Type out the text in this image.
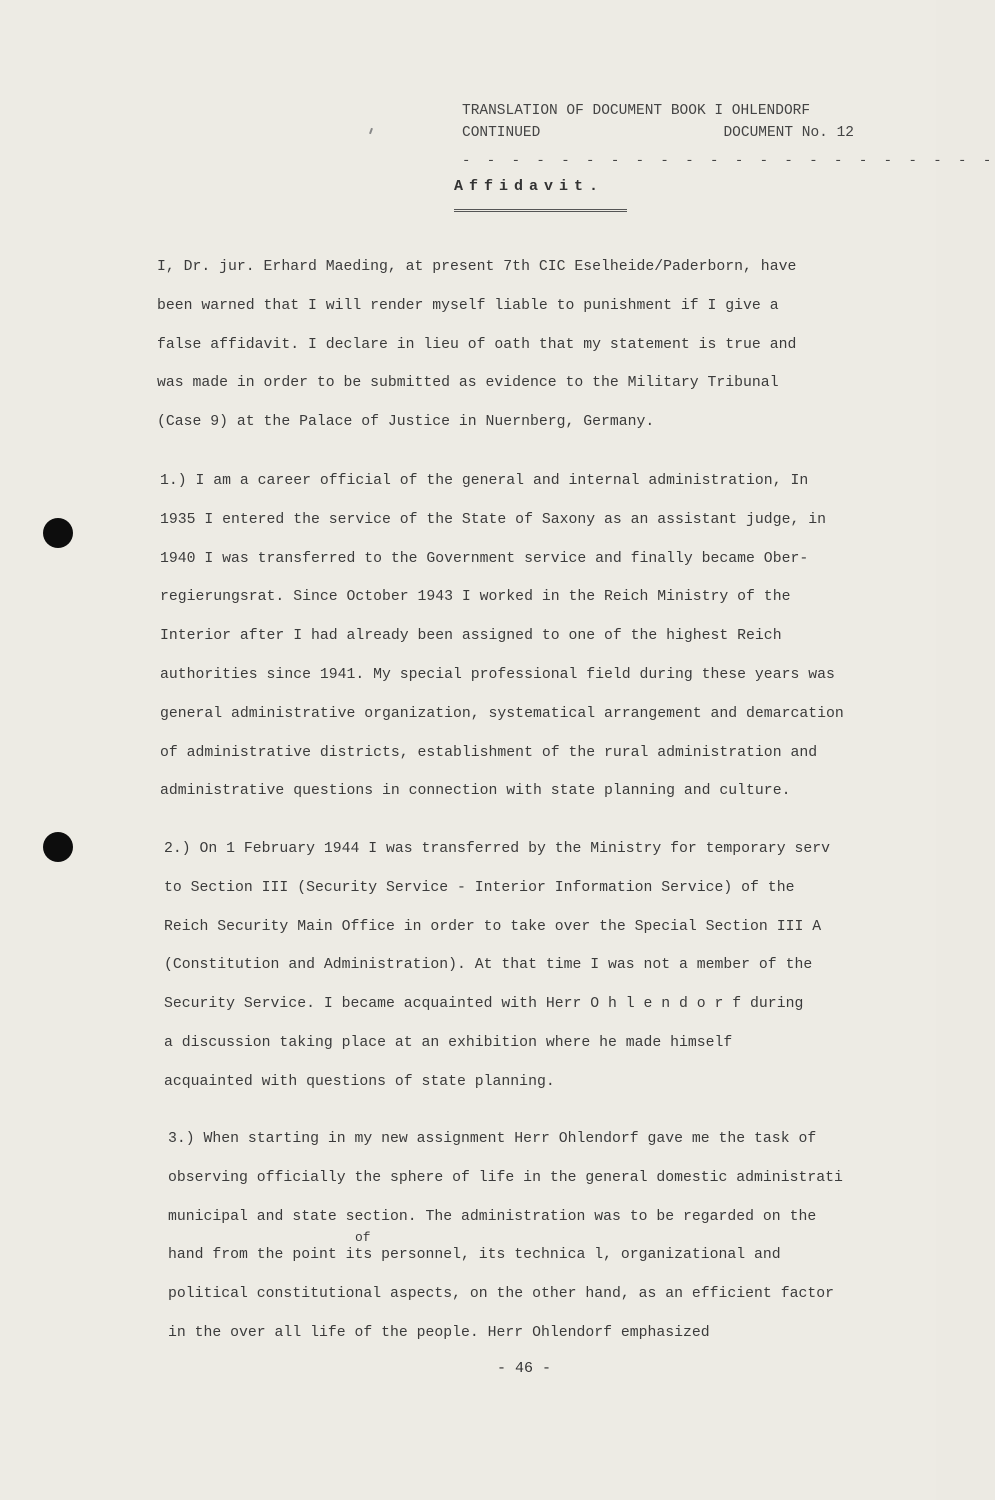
TRANSLATION OF DOCUMENT BOOK I OHLENDORF
CONTINUED	DOCUMENT No. 12
- - - - - - - - - - - - - - - - - - - - - -
Affidavit.
I, Dr. jur. Erhard Maeding, at present 7th CIC Eselheide/Paderborn, have
been warned that I will render myself liable to punishment if I give a
false affidavit. I declare in lieu of oath that my statement is true and
was made in order to be submitted as evidence to the Military Tribunal
(Case 9) at the Palace of Justice in Nuernberg, Germany.
1.) I am a career official of the general and internal administration, In
1935 I entered the service of the State of Saxony as an assistant judge, in
1940 I was transferred to the Government service and finally became Ober-
regierungsrat. Since October 1943 I worked in the Reich Ministry of the
Interior after I had already been assigned to one of the highest Reich
authorities since 1941. My special professional field during these years was
general administrative organization, systematical arrangement and demarcation
of administrative districts, establishment of the rural administration and
administrative questions in connection with state planning and culture.
2.) On 1 February 1944 I was transferred by the Ministry for temporary serv
to Section III (Security Service - Interior Information Service) of the
Reich Security Main Office in order to take over the Special Section III A
(Constitution and Administration). At that time I was not a member of the
Security Service. I became acquainted with Herr O h l e n d o r f during
a discussion taking place at an exhibition where he made himself
acquainted with questions of state planning.
3.) When starting in my new assignment Herr Ohlendorf gave me the task of
observing officially the sphere of life in the general domestic administrati
municipal and state section. The administration was to be regarded on the
hand from the point its personnel, its technica l, organizational and
political constitutional aspects, on the other hand, as an efficient factor
in the over all life of the people. Herr Ohlendorf emphasized
of
- 46 -
